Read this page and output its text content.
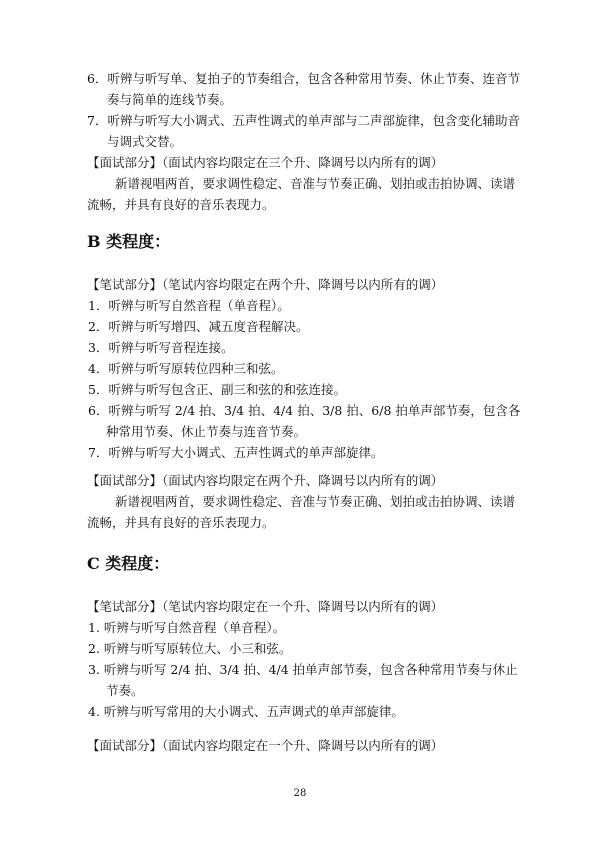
6．听辨与听写单、复拍子的节奏组合，包含各种常用节奏、休止节奏、连音节
奏与简单的连线节奏。
7．听辨与听写大小调式、五声性调式的单声部与二声部旋律，包含变化辅助音
与调式交替。
【面试部分】（面试内容均限定在三个升、降调号以内所有的调）
新谱视唱两首，要求调性稳定、音准与节奏正确、划拍或击拍协调、读谱
流畅，并具有良好的音乐表现力。
B 类程度：
【笔试部分】（笔试内容均限定在两个升、降调号以内所有的调）
1．听辨与听写自然音程（单音程）。
2．听辨与听写增四、减五度音程解决。
3．听辨与听写音程连接。
4．听辨与听写原转位四种三和弦。
5．听辨与听写包含正、副三和弦的和弦连接。
6．听辨与听写 2/4 拍、3/4 拍、4/4 拍、3/8 拍、6/8 拍单声部节奏，包含各
种常用节奏、休止节奏与连音节奏。
7．听辨与听写大小调式、五声性调式的单声部旋律。
【面试部分】（面试内容均限定在两个升、降调号以内所有的调）
新谱视唱两首，要求调性稳定、音准与节奏正确、划拍或击拍协调、读谱
流畅，并具有良好的音乐表现力。
C 类程度：
【笔试部分】（笔试内容均限定在一个升、降调号以内所有的调）
1. 听辨与听写自然音程（单音程）。
2. 听辨与听写原转位大、小三和弦。
3. 听辨与听写 2/4 拍、3/4 拍、4/4 拍单声部节奏，包含各种常用节奏与休止
节奏。
4. 听辨与听写常用的大小调式、五声调式的单声部旋律。
【面试部分】（面试内容均限定在一个升、降调号以内所有的调）
28
